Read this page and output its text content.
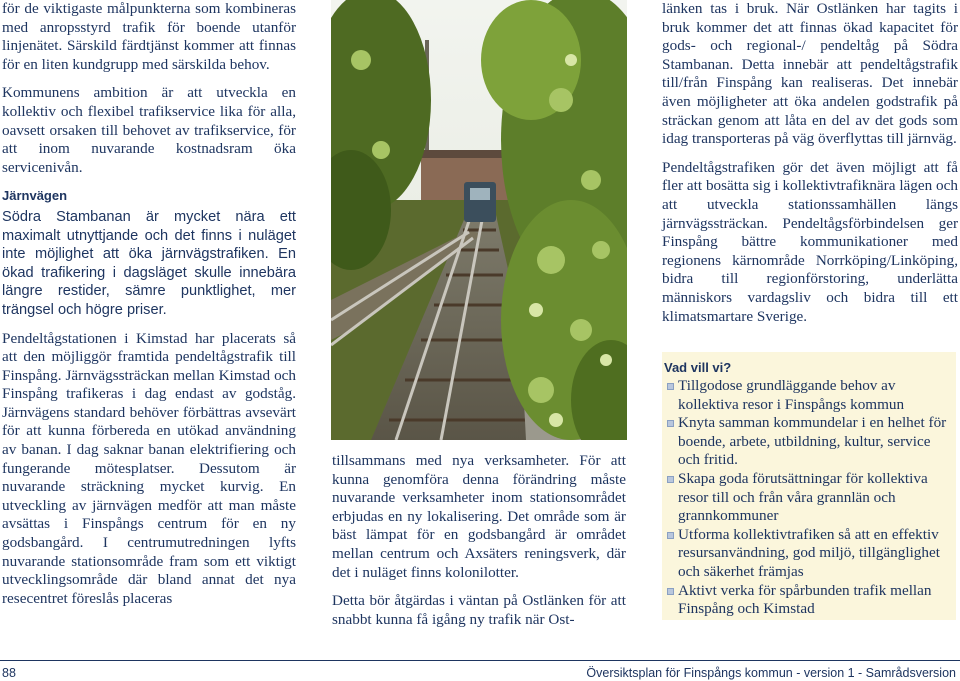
för de viktigaste målpunkterna som kombineras med anropsstyrd trafik för boende utanför linjenätet. Särskild färdtjänst kommer att finnas för en liten kundgrupp med särskilda behov.

Kommunens ambition är att utveckla en kollektiv och flexibel trafikservice lika för alla, oavsett orsaken till behovet av trafikservice, för att inom nuvarande kostnadsram öka servicenivån.

Järnvägen

Södra Stambanan är mycket nära ett maximalt utnyttjande och det finns i nuläget inte möjlighet att öka järnvägstrafiken. En ökad trafikering i dagsläget skulle innebära längre restider, sämre punktlighet, mer trängsel och högre priser.

Pendeltågstationen i Kimstad har placerats så att den möjliggör framtida pendeltågstrafik till Finspång. Järnvägssträckan mellan Kimstad och Finspång trafikeras i dag endast av godståg. Järnvägens standard behöver förbättras avsevärt för att kunna förbereda en utökad användning av banan. I dag saknar banan elektrifiering och fungerande mötesplatser. Dessutom är nuvarande sträckning mycket kurvig. En utveckling av järnvägen medför att man måste avsättas i Finspångs centrum för en ny godsbangård. I centrumutredningen lyfts nuvarande stationsområde fram som ett viktigt utvecklingsområde där bland annat det nya resecentret föreslås placeras

tillsammans med nya verksamheter. För att kunna genomföra denna förändring måste nuvarande verksamheter inom stationsområdet erbjudas en ny lokalisering. Det område som är bäst lämpat för en godsbangård är området mellan centrum och Axsäters reningsverk, där det i nuläget finns kolonilotter.

Detta bör åtgärdas i väntan på Ostlänken för att snabbt kunna få igång ny trafik när Ost-

länken tas i bruk. När Ostlänken har tagits i bruk kommer det att finnas ökad kapacitet för gods- och regional-/ pendeltåg på Södra Stambanan. Detta innebär att pendeltågstrafik till/från Finspång kan realiseras. Det innebär även möjligheter att öka andelen godstrafik på sträckan genom att låta en del av det gods som idag transporteras på väg överflyttas till järnväg.

Pendeltågstrafiken gör det även möjligt att få fler att bosätta sig i kollektivtrafiknära lägen och att utveckla stationssamhällen längs järnvägssträckan. Pendeltågsförbindelsen ger Finspång bättre kommunikationer med regionens kärnområde Norrköping/Linköping, bidra till regionförstoring, underlätta människors vardagsliv och bidra till ett klimatsmartare Sverige.

Vad vill vi?
Tillgodose grundläggande behov av kollektiva resor i Finspångs kommun
Knyta samman kommundelar i en helhet för boende, arbete, utbildning, kultur, service och fritid.
Skapa goda förutsättningar för kollektiva resor till och från våra grannlän och grannkommuner
Utforma kollektivtrafiken så att en effektiv resursanvändning, god miljö, tillgänglighet och säkerhet främjas
Aktivt verka för spårbunden trafik mellan Finspång och Kimstad
88	Översiktsplan för Finspångs kommun - version 1 - Samrådsversion
